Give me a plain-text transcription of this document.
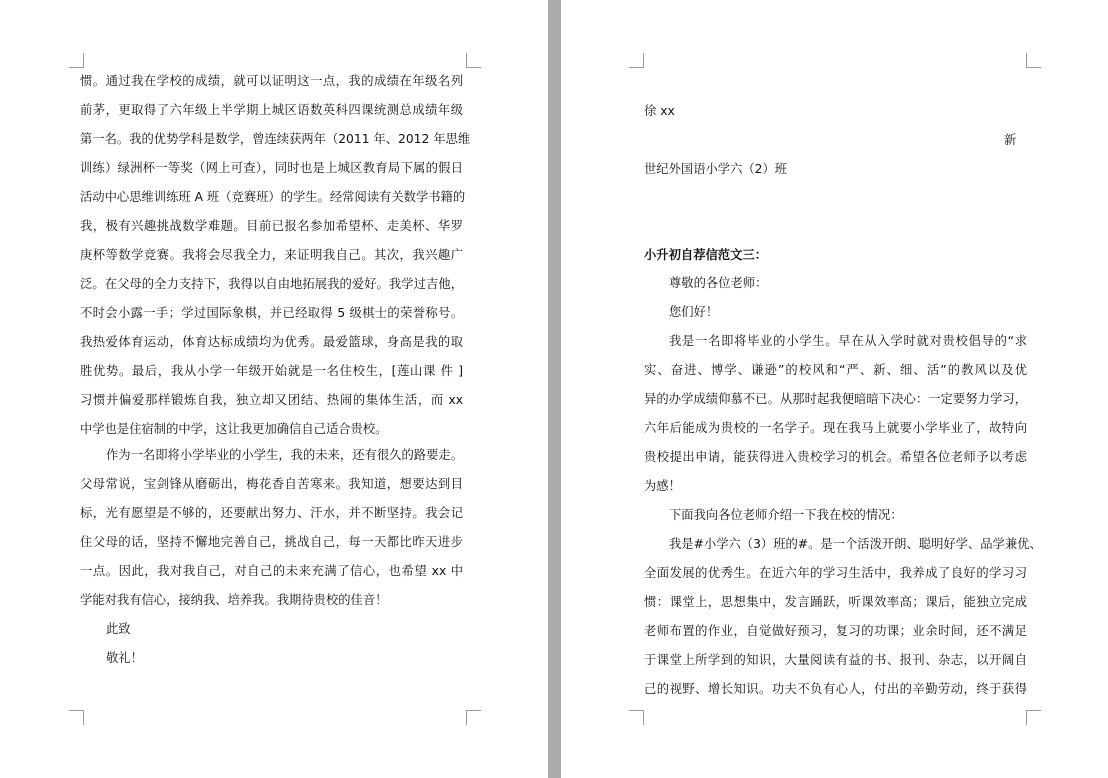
惯。通过我在学校的成绩，就可以证明这一点，我的成绩在年级名列
前茅，更取得了六年级上半学期上城区语数英科四课统测总成绩年级
第一名。我的优势学科是数学，曾连续获两年（2011 年、2012 年思维
训练）绿洲杯一等奖（网上可查），同时也是上城区教育局下属的假日
活动中心思维训练班 A 班（竞赛班）的学生。经常阅读有关数学书籍的
我，极有兴趣挑战数学难题。目前已报名参加希望杯、走美杯、华罗
庚杯等数学竞赛。我将会尽我全力，来证明我自己。其次，我兴趣广
泛。在父母的全力支持下，我得以自由地拓展我的爱好。我学过吉他，
不时会小露一手；学过国际象棋，并已经取得 5 级棋士的荣誉称号。
我热爱体育运动，体育达标成绩均为优秀。最爱篮球，身高是我的取
胜优势。最后，我从小学一年级开始就是一名住校生，[莲山课 件 ]
习惯并偏爱那样锻炼自我，独立却又团结、热闹的集体生活，而 xx
中学也是住宿制的中学，这让我更加确信自己适合贵校。
作为一名即将小学毕业的小学生，我的未来，还有很久的路要走。
父母常说，宝剑锋从磨砺出，梅花香自苦寒来。我知道，想要达到目
标，光有愿望是不够的，还要献出努力、汗水，并不断坚持。我会记
住父母的话，坚持不懈地完善自己，挑战自己，每一天都比昨天进步
一点。因此，我对我自己，对自己的未来充满了信心，也希望 xx 中
学能对我有信心，接纳我、培养我。我期待贵校的佳音！
此致
敬礼！
徐 xx
新
世纪外国语小学六（2）班
小升初自荐信范文三：
尊敬的各位老师：
您们好！
我是一名即将毕业的小学生。早在从入学时就对贵校倡导的“求
实、奋进、博学、谦逊”的校风和“严、新、细、活”的教风以及优
异的办学成绩仰慕不已。从那时起我便暗暗下决心：一定要努力学习，
六年后能成为贵校的一名学子。现在我马上就要小学毕业了，故特向
贵校提出申请，能获得进入贵校学习的机会。希望各位老师予以考虑
为感！
下面我向各位老师介绍一下我在校的情况：
我是#小学六（3）班的#。是一个活泼开朗、聪明好学、品学兼优、
全面发展的优秀生。在近六年的学习生活中，我养成了良好的学习习
惯：课堂上，思想集中，发言踊跃，听课效率高；课后，能独立完成
老师布置的作业，自觉做好预习，复习的功课；业余时间，还不满足
于课堂上所学到的知识，大量阅读有益的书、报刊、杂志，以开阔自
己的视野、增长知识。功夫不负有心人，付出的辛勤劳动，终于获得
